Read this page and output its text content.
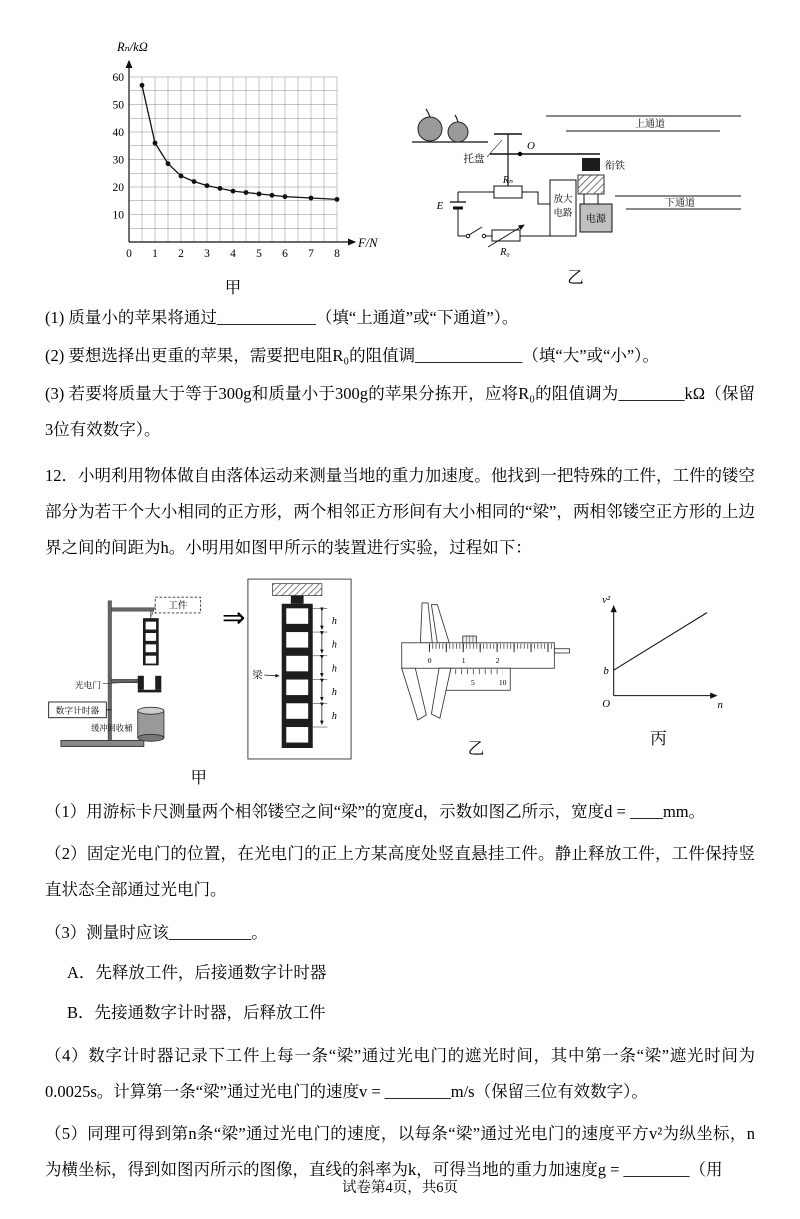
0 1 2 3 4 5 6 7 8
10
20
30
40
50
60
Rₙ/kΩ
F/N
甲
托盘
O
上通道
下通道
衔铁
E
Rₙ
R₀
放大
电路 电源
乙

(1) 质量小的苹果将通过____________（填“上通道”或“下通道”）。

(2) 要想选择出更重的苹果，需要把电阻R₀的阻值调_____________（填“大”或“小”）。

(3) 若要将质量大于等于300g和质量小于300g的苹果分拣开，应将R₀的阻值调为________kΩ（保留3位有效数字）。

12．小明利用物体做自由落体运动来测量当地的重力加速度。他找到一把特殊的工件，工件的镂空部分为若干个大小相同的正方形，两个相邻正方形间有大小相同的“梁”，两相邻镂空正方形的上边界之间的间距为h。小明用如图甲所示的装置进行实验，过程如下：

工件
光电门
数字计时器
缓冲回收桶
⇒	h
h
h
h
h
梁
甲
0	1	2
5	10
乙
v²
b
O	n
丙

（1）用游标卡尺测量两个相邻镂空之间“梁”的宽度d，示数如图乙所示，宽度d = ____mm。

（2）固定光电门的位置，在光电门的正上方某高度处竖直悬挂工件。静止释放工件，工件保持竖直状态全部通过光电门。

（3）测量时应该__________。

A．先释放工件，后接通数字计时器

B．先接通数字计时器，后释放工件

（4）数字计时器记录下工件上每一条“梁”通过光电门的遮光时间，其中第一条“梁”遮光时间为0.0025s。计算第一条“梁”通过光电门的速度v = ________m/s（保留三位有效数字）。

（5）同理可得到第n条“梁”通过光电门的速度，以每条“梁”通过光电门的速度平方v²为纵坐标，n为横坐标，得到如图丙所示的图像，直线的斜率为k，可得当地的重力加速度g = ________（用

试卷第4页，共6页
